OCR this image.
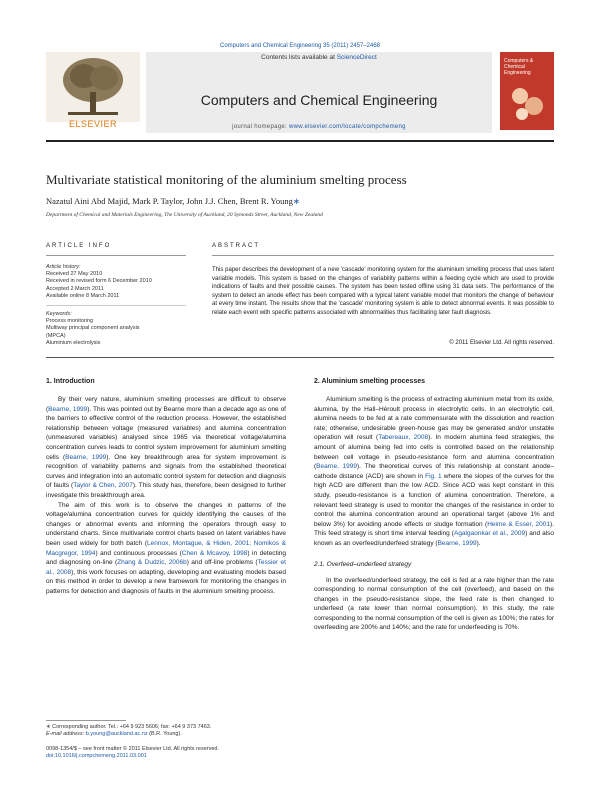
Computers and Chemical Engineering 35 (2011) 2457–2468
Contents lists available at ScienceDirect
Computers and Chemical Engineering
journal homepage: www.elsevier.com/locate/compchemeng
ELSEVIER
Computers & Chemical Engineering
Multivariate statistical monitoring of the aluminium smelting process
Nazatul Aini Abd Majid, Mark P. Taylor, John J.J. Chen, Brent R. Young∗
Department of Chemical and Materials Engineering, The University of Auckland, 20 Symonds Street, Auckland, New Zealand
ARTICLE INFO	ABSTRACT
Article history:
Received 27 May 2010
Received in revised form 6 December 2010
Accepted 2 March 2011
Available online 8 March 2011
Keywords:
Process monitoring
Multiway principal component analysis
(MPCA)
Aluminium electrolysis
This paper describes the development of a new 'cascade' monitoring system for the aluminium smelting process that uses latent variable models. This system is based on the changes of variability patterns within a feeding cycle which are used to provide indications of faults and their possible causes. The system has been tested offline using 31 data sets. The performance of the system to detect an anode effect has been compared with a typical latent variable model that monitors the change of behaviour at every time instant. The results show that the 'cascade' monitoring system is able to detect abnormal events. It was possible to relate each event with specific patterns associated with abnormalities thus facilitating later fault diagnosis.
© 2011 Elsevier Ltd. All rights reserved.
1. Introduction

By their very nature, aluminium smelting processes are difficult to observe (Bearne, 1999). This was pointed out by Bearne more than a decade ago as one of the barriers to effective control of the reduction process. However, the established relationship between voltage (measured variables) and alumina concentration (unmeasured variables) analysed since 1965 via theoretical voltage/alumina concentration curves leads to control system improvement for aluminium smelting cells (Bearne, 1999). One key breakthrough area for system improvement is recognition of variability patterns and signals from the established theoretical curves and integration into an automatic control system for detection and diagnosis of faults (Taylor & Chen, 2007). This study has, therefore, been designed to further investigate this breakthrough area.

The aim of this work is to observe the changes in patterns of the voltage/alumina concentration curves for quickly identifying the causes of the changes or abnormal events and informing the operators through easy to understand charts. Since multivariate control charts based on latent variables have been used widely for both batch (Lennox, Montague, & Hiden, 2001; Nomikos & Macgregor, 1994) and continuous processes (Chen & Mcavoy, 1998) in detecting and diagnosing on-line (Zhang & Dudzic, 2006b) and off-line problems (Tessier et al., 2008), this work focuses on adapting, developing and evaluating models based on this method in order to develop a new framework for monitoring the changes in patterns for detection and diagnosis of faults in the aluminium smelting process.

∗ Corresponding author. Tel.: +64 9 923 5606; fax: +64 9 373 7463.
E-mail address: b.young@auckland.ac.nz (B.R. Young).
0098-1354/$ – see front matter © 2011 Elsevier Ltd. All rights reserved.
doi:10.1016/j.compchemeng.2011.03.001
2. Aluminium smelting processes

Aluminium smelting is the process of extracting aluminium metal from its oxide, alumina, by the Hall–Héroult process in electrolytic cells. In an electrolytic cell, alumina needs to be fed at a rate commensurate with the dissolution and reaction rate; otherwise, undesirable green-house gas may be generated and/or unstable operation will result (Tabereaux, 2008). In modern alumina feed strategies, the amount of alumina being fed into cells is controlled based on the relationship between cell voltage in pseudo-resistance form and alumina concentration (Bearne, 1999). The theoretical curves of this relationship at constant anode–cathode distance (ACD) are shown in Fig. 1 where the slopes of the curves for the high ACD are different than the low ACD. Since ACD was kept constant in this study, pseudo-resistance is a function of alumina concentration. Therefore, a relevant feed strategy is used to monitor the changes of the resistance in order to control the alumina concentration around an operational target (above 1% and below 3%) for avoiding anode effects or sludge formation (Heime & Esser, 2001). This feed strategy is short time interval feeding (Agalgaonkar et al., 2009) and also known as an overfeed/underfeed strategy (Bearne, 1999).

2.1. Overfeed–underfeed strategy

In the overfeed/underfeed strategy, the cell is fed at a rate higher than the rate corresponding to normal consumption of the cell (overfeed), and based on the changes in the pseudo-resistance slope, the feed rate is then changed to underfeed (a rate lower than normal consumption). In this study, the rate corresponding to the normal consumption of the cell is given as 100%; the rates for overfeeding are 200% and 140%; and the rate for underfeeding is 70%.
